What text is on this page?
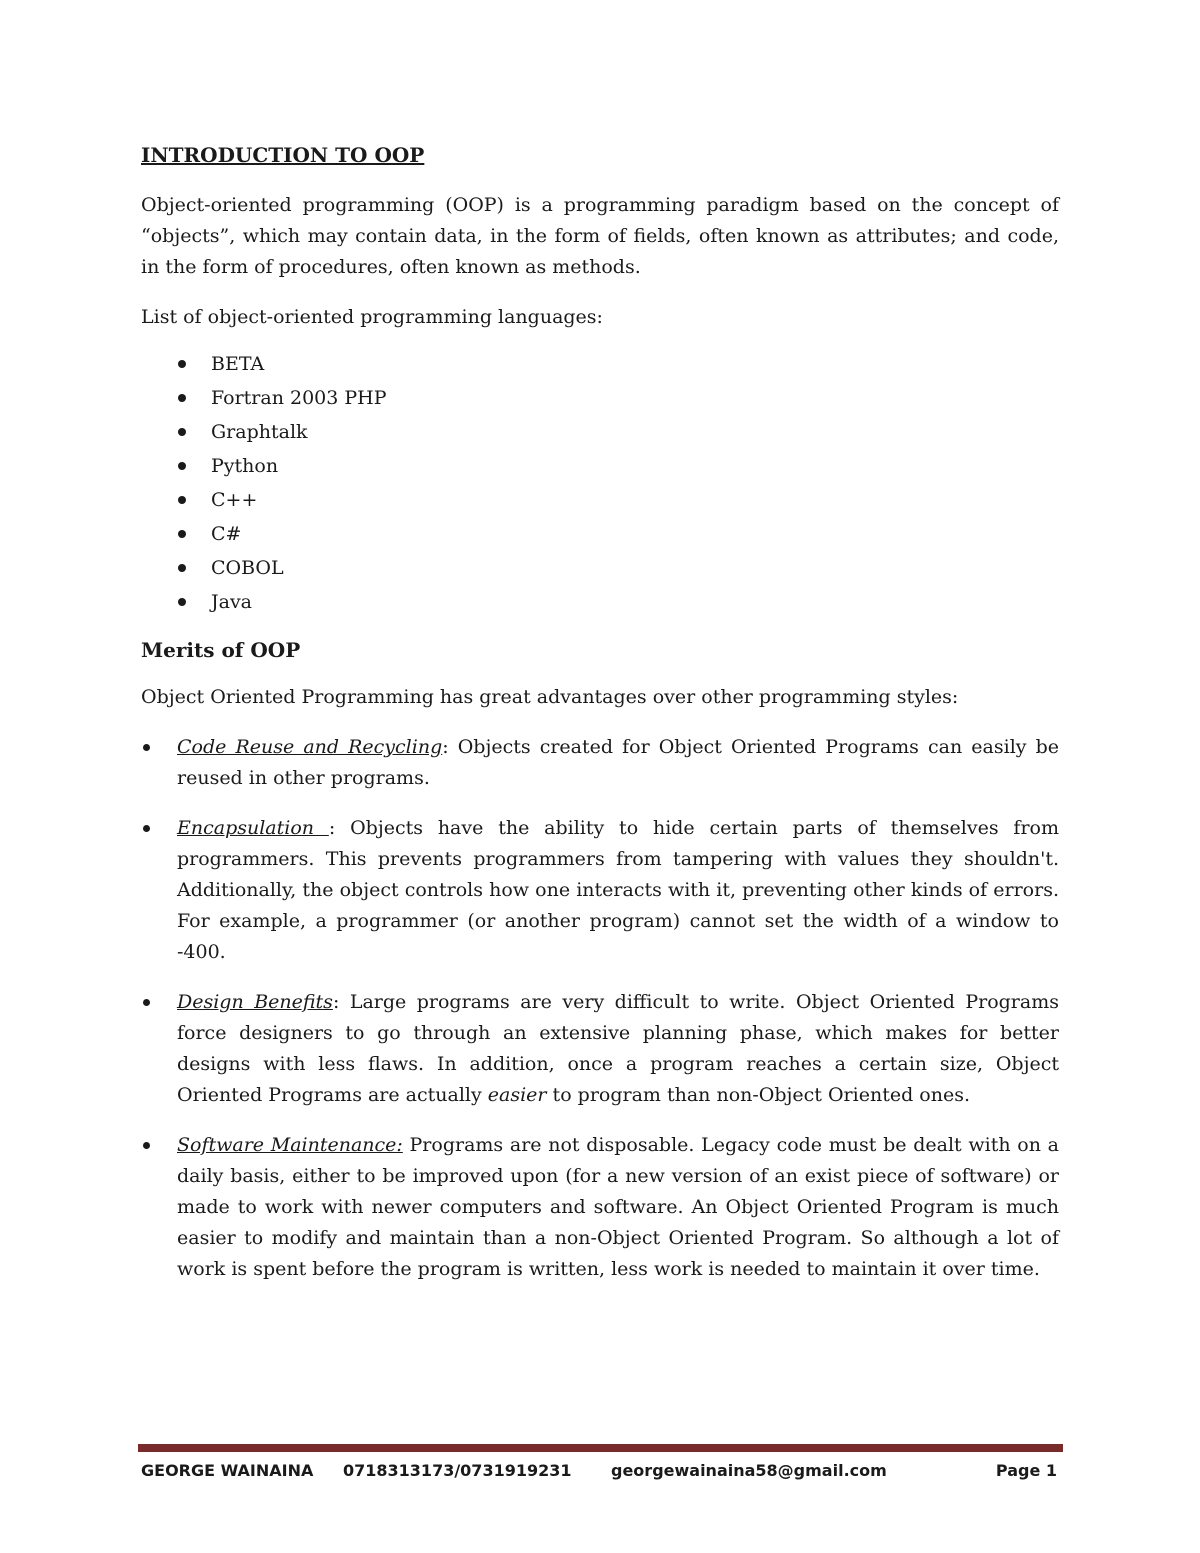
INTRODUCTION TO OOP

Object-oriented programming (OOP) is a programming paradigm based on the concept of “objects”, which may contain data, in the form of fields, often known as attributes; and code, in the form of procedures, often known as methods.

List of object-oriented programming languages:

BETA
Fortran 2003 PHP
Graphtalk
Python
C++
C#
COBOL
Java
Merits of OOP

Object Oriented Programming has great advantages over other programming styles:

Code Reuse and Recycling: Objects created for Object Oriented Programs can easily be reused in other programs.
Encapsulation : Objects have the ability to hide certain parts of themselves from programmers. This prevents programmers from tampering with values they shouldn't. Additionally, the object controls how one interacts with it, preventing other kinds of errors. For example, a programmer (or another program) cannot set the width of a window to -400.
Design Benefits: Large programs are very difficult to write. Object Oriented Programs force designers to go through an extensive planning phase, which makes for better designs with less flaws. In addition, once a program reaches a certain size, Object Oriented Programs are actually easier to program than non-Object Oriented ones.
Software Maintenance: Programs are not disposable. Legacy code must be dealt with on a daily basis, either to be improved upon (for a new version of an exist piece of software) or made to work with newer computers and software. An Object Oriented Program is much easier to modify and maintain than a non-Object Oriented Program. So although a lot of work is spent before the program is written, less work is needed to maintain it over time.
GEORGE WAINAINA 0718313173/0731919231 georgewainaina58@gmail.com	Page 1
